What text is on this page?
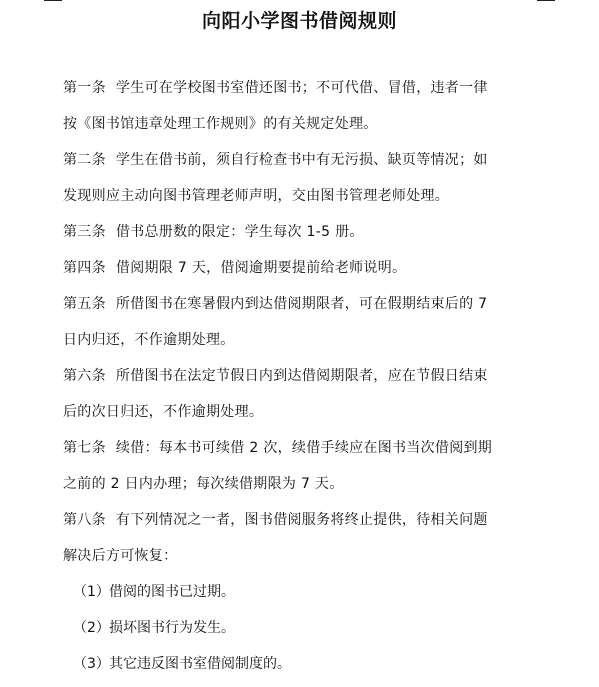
向阳小学图书借阅规则
第一条 学生可在学校图书室借还图书；不可代借、冒借，违者一律
按《图书馆违章处理工作规则》的有关规定处理。
第二条 学生在借书前，须自行检查书中有无污损、缺页等情况；如
发现则应主动向图书管理老师声明，交由图书管理老师处理。
第三条 借书总册数的限定：学生每次 1-5 册。
第四条 借阅期限 7 天，借阅逾期要提前给老师说明。
第五条 所借图书在寒暑假内到达借阅期限者，可在假期结束后的 7
日内归还，不作逾期处理。
第六条 所借图书在法定节假日内到达借阅期限者，应在节假日结束
后的次日归还，不作逾期处理。
第七条 续借：每本书可续借 2 次，续借手续应在图书当次借阅到期
之前的 2 日内办理；每次续借期限为 7 天。
第八条 有下列情况之一者，图书借阅服务将终止提供，待相关问题
解决后方可恢复：
（1）借阅的图书已过期。
（2）损坏图书行为发生。
（3）其它违反图书室借阅制度的。
